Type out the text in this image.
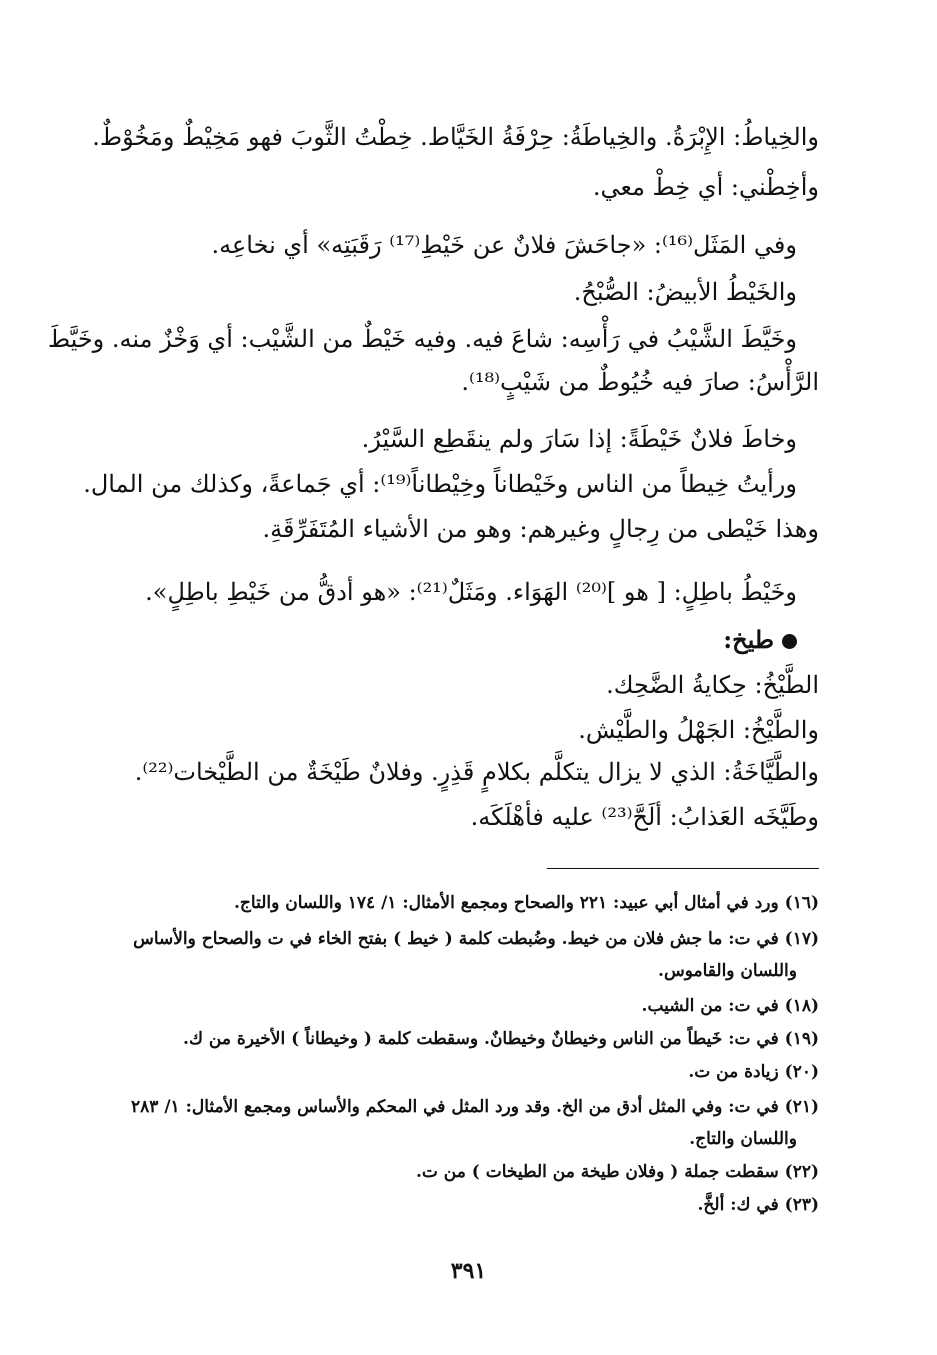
والخِياطُ: الإِبْرَةُ. والخِياطَةُ: حِرْفَةُ الخَيَّاط. خِطْتُ الثَّوبَ فهو مَخِيْطٌ ومَخُوْطٌ.
وأخِطْني: أي خِطْ معي.
وفي المَثَل⁽¹⁶⁾: «جاحَشَ فلانٌ عن خَيْطِ⁽¹⁷⁾ رَقَبَتِه» أي نخاعِه.
والخَيْطُ الأبيضُ: الصُّبْحُ.
وخَيَّطَ الشَّيْبُ في رَأْسِه: شاعَ فيه. وفيه خَيْطٌ من الشَّيْب: أي وَخْزٌ منه. وخَيَّطَ
الرَّأْسُ: صارَ فيه خُيُوطٌ من شَيْبٍ⁽¹⁸⁾.
وخاطَ فلانٌ خَيْطَةً: إذا سَارَ ولم ينقَطِع السَّيْرُ.
ورأيتُ خِيطاً من الناس وخَيْطاناً وخِيْطاناً⁽¹⁹⁾: أي جَماعةً، وكذلك من المال.
وهذا خَيْطى من رِجالٍ وغيرهم: وهو من الأشياء المُتَفَرِّقَةِ.
وخَيْطُ باطِلٍ: [ هو ]⁽²⁰⁾ الهَوَاء. ومَثَلٌ⁽²¹⁾: «هو أدقُّ من خَيْطِ باطِلٍ».
طيخ:
الطَّيْخُ: حِكايةُ الضَّحِك.
والطَّيْخُ: الجَهْلُ والطَّيْش.
والطَّيَّاخَةُ: الذي لا يزال يتكلَّم بكلامٍ قَذِرٍ. وفلانٌ طَيْخَةٌ من الطَّيْخات⁽²²⁾.
وطَيَّخَه العَذابُ: ألَحَّ⁽²³⁾ عليه فأهْلَكَه.
(١٦) ورد في أمثال أبي عبيد: ٢٢١ والصحاح ومجمع الأمثال: ١/ ١٧٤ واللسان والتاج.
(١٧) في ت: ما جش فلان من خيط. وضُبطت كلمة ( خيط ) بفتح الخاء في ت والصحاح والأساس
واللسان والقاموس.
(١٨) في ت: من الشيب.
(١٩) في ت: خَيطاً من الناس وخيطانٌ وخيطانٌ. وسقطت كلمة ( وخيطاناً ) الأخيرة من ك.
(٢٠) زيادة من ت.
(٢١) في ت: وفي المثل أدق من الخ. وقد ورد المثل في المحكم والأساس ومجمع الأمثال: ١/ ٢٨٣
واللسان والتاج.
(٢٢) سقطت جملة ( وفلان طيخة من الطيخات ) من ت.
(٢٣) في ك: ألخَّ.
٣٩١
